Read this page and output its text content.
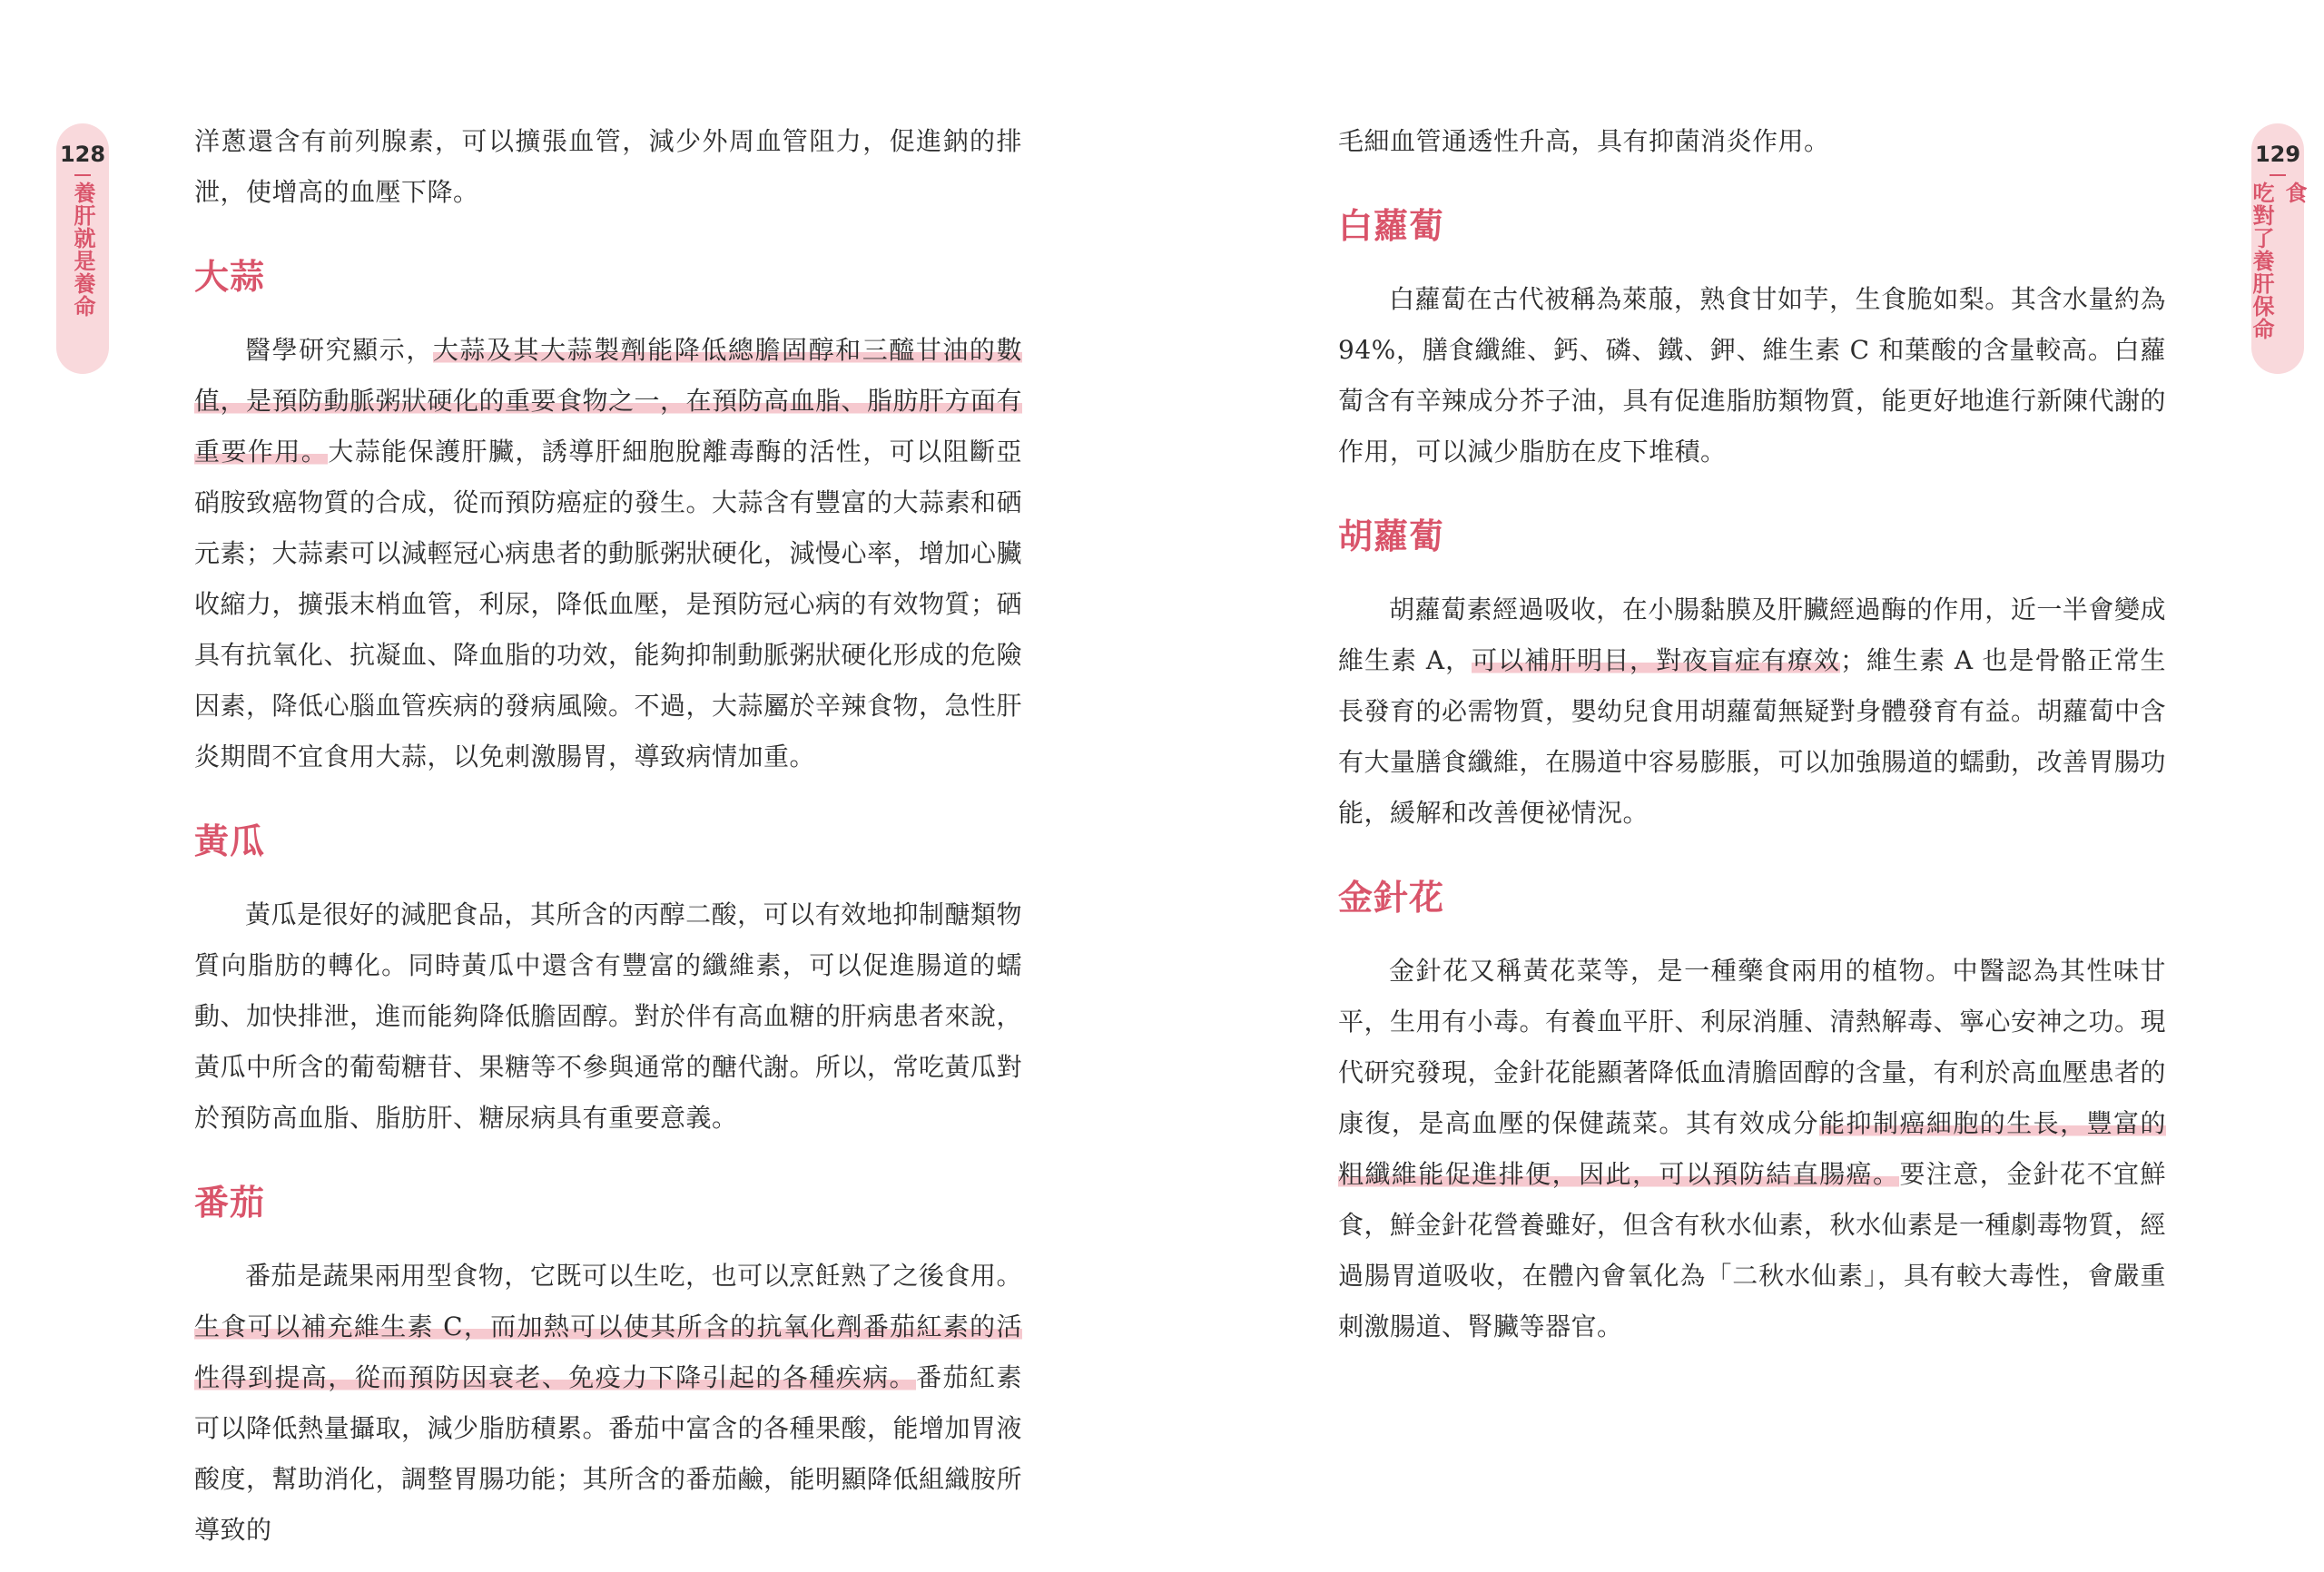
128
養肝就是養命

洋蔥還含有前列腺素，可以擴張血管，減少外周血管阻力，促進鈉的排泄，使增高的血壓下降。

大蒜

醫學研究顯示，大蒜及其大蒜製劑能降低總膽固醇和三醯甘油的數值，是預防動脈粥狀硬化的重要食物之一，在預防高血脂、脂肪肝方面有重要作用。大蒜能保護肝臟，誘導肝細胞脫離毒酶的活性，可以阻斷亞硝胺致癌物質的合成，從而預防癌症的發生。大蒜含有豐富的大蒜素和硒元素；大蒜素可以減輕冠心病患者的動脈粥狀硬化，減慢心率，增加心臟收縮力，擴張末梢血管，利尿，降低血壓，是預防冠心病的有效物質；硒具有抗氧化、抗凝血、降血脂的功效，能夠抑制動脈粥狀硬化形成的危險因素，降低心腦血管疾病的發病風險。不過，大蒜屬於辛辣食物，急性肝炎期間不宜食用大蒜，以免刺激腸胃，導致病情加重。

黃瓜

黃瓜是很好的減肥食品，其所含的丙醇二酸，可以有效地抑制醣類物質向脂肪的轉化。同時黃瓜中還含有豐富的纖維素，可以促進腸道的蠕動、加快排泄，進而能夠降低膽固醇。對於伴有高血糖的肝病患者來說，黃瓜中所含的葡萄糖苷、果糖等不參與通常的醣代謝。所以，常吃黃瓜對於預防高血脂、脂肪肝、糖尿病具有重要意義。

番茄

番茄是蔬果兩用型食物，它既可以生吃，也可以烹飪熟了之後食用。生食可以補充維生素 C，而加熱可以使其所含的抗氧化劑番茄紅素的活性得到提高，從而預防因衰老、免疫力下降引起的各種疾病。番茄紅素可以降低熱量攝取，減少脂肪積累。番茄中富含的各種果酸，能增加胃液酸度，幫助消化，調整胃腸功能；其所含的番茄鹼，能明顯降低組織胺所導致的

毛細血管通透性升高，具有抑菌消炎作用。

白蘿蔔

白蘿蔔在古代被稱為萊菔，熟食甘如芋，生食脆如梨。其含水量約為 94%，膳食纖維、鈣、磷、鐵、鉀、維生素 C 和葉酸的含量較高。白蘿蔔含有辛辣成分芥子油，具有促進脂肪類物質，能更好地進行新陳代謝的作用，可以減少脂肪在皮下堆積。

胡蘿蔔

胡蘿蔔素經過吸收，在小腸黏膜及肝臟經過酶的作用，近一半會變成維生素 A，可以補肝明目，對夜盲症有療效；維生素 A 也是骨骼正常生長發育的必需物質，嬰幼兒食用胡蘿蔔無疑對身體發育有益。胡蘿蔔中含有大量膳食纖維，在腸道中容易膨脹，可以加強腸道的蠕動，改善胃腸功能，緩解和改善便祕情況。

金針花

金針花又稱黃花菜等，是一種藥食兩用的植物。中醫認為其性味甘平，生用有小毒。有養血平肝、利尿消腫、清熱解毒、寧心安神之功。現代研究發現，金針花能顯著降低血清膽固醇的含量，有利於高血壓患者的康復，是高血壓的保健蔬菜。其有效成分能抑制癌細胞的生長，豐富的粗纖維能促進排便，因此，可以預防結直腸癌。要注意，金針花不宜鮮食，鮮金針花營養雖好，但含有秋水仙素，秋水仙素是一種劇毒物質，經過腸胃道吸收，在體內會氧化為「二秋水仙素」，具有較大毒性，會嚴重刺激腸道、腎臟等器官。

129
食
吃對了養肝保命
